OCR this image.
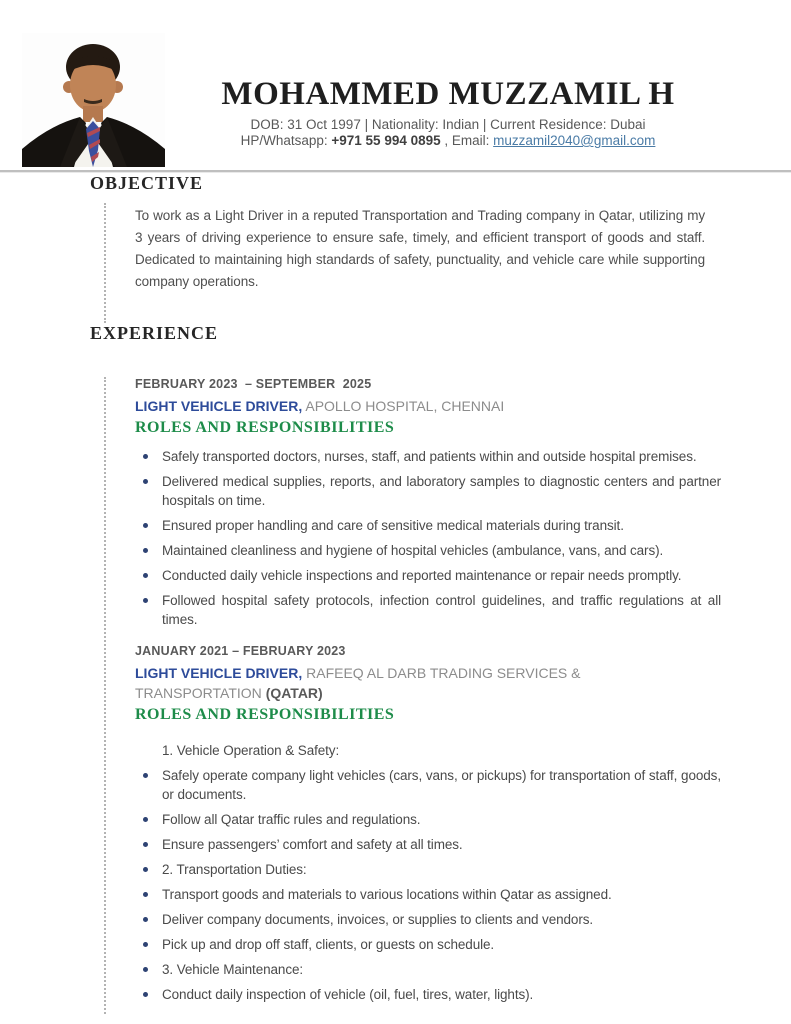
MOHAMMED MUZZAMIL H

DOB: 31 Oct 1997 | Nationality: Indian | Current Residence: Dubai

HP/Whatsapp: +971 55 994 0895 , Email: muzzamil2040@gmail.com

OBJECTIVE

To work as a Light Driver in a reputed Transportation and Trading company in Qatar, utilizing my 3 years of driving experience to ensure safe, timely, and efficient transport of goods and staff. Dedicated to maintaining high standards of safety, punctuality, and vehicle care while supporting company operations.

EXPERIENCE

FEBRUARY 2023  – SEPTEMBER  2025

LIGHT VEHICLE DRIVER, APOLLO HOSPITAL, CHENNAI

ROLES AND RESPONSIBILITIES
Safely transported doctors, nurses, staff, and patients within and outside hospital premises.
Delivered medical supplies, reports, and laboratory samples to diagnostic centers and partner hospitals on time.
Ensured proper handling and care of sensitive medical materials during transit.
Maintained cleanliness and hygiene of hospital vehicles (ambulance, vans, and cars).
Conducted daily vehicle inspections and reported maintenance or repair needs promptly.
Followed hospital safety protocols, infection control guidelines, and traffic regulations at all times.

JANUARY 2021 – FEBRUARY 2023

LIGHT VEHICLE DRIVER, RAFEEQ AL DARB TRADING SERVICES &
TRANSPORTATION (QATAR)

ROLES AND RESPONSIBILITIES
1. Vehicle Operation & Safety:
Safely operate company light vehicles (cars, vans, or pickups) for transportation of staff, goods, or documents.
Follow all Qatar traffic rules and regulations.
Ensure passengers’ comfort and safety at all times.
2. Transportation Duties:
Transport goods and materials to various locations within Qatar as assigned.
Deliver company documents, invoices, or supplies to clients and vendors.
Pick up and drop off staff, clients, or guests on schedule.
3. Vehicle Maintenance:
Conduct daily inspection of vehicle (oil, fuel, tires, water, lights).
